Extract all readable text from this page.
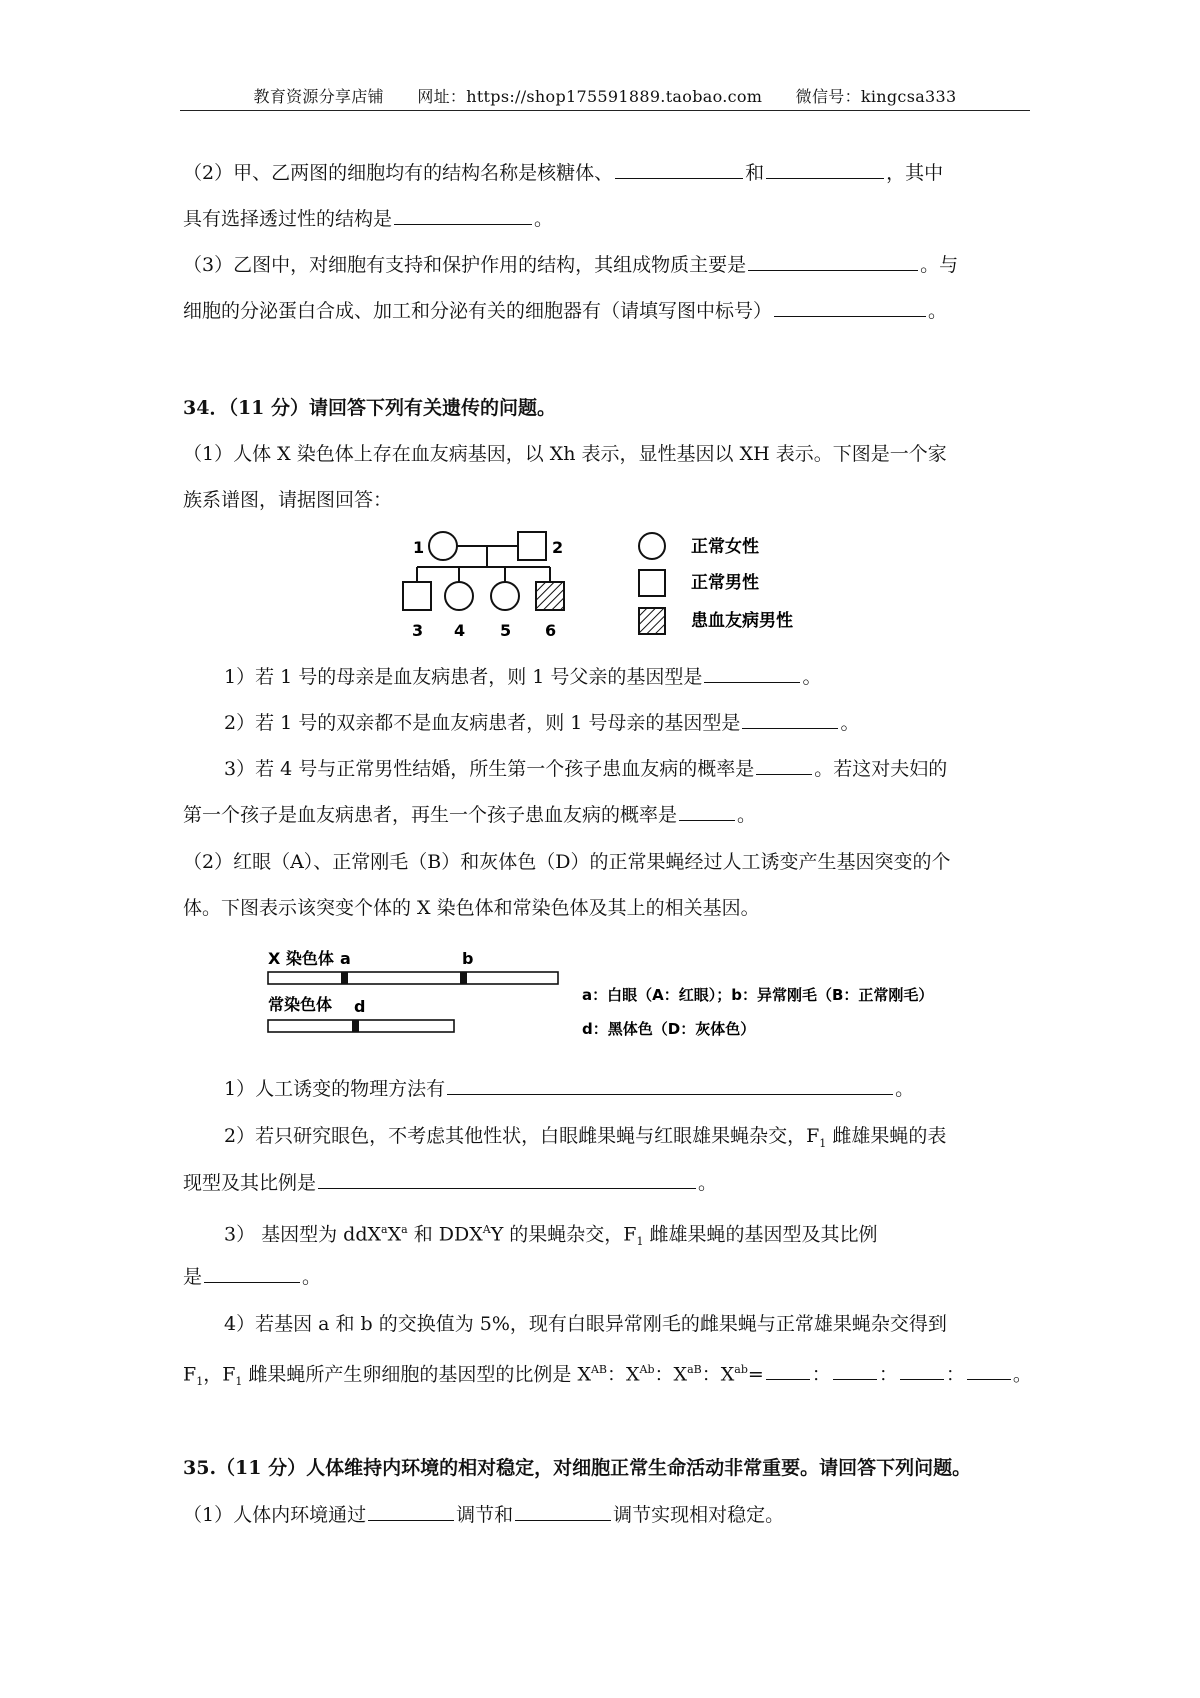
教育资源分享店铺 网址：https://shop175591889.taobao.com 微信号：kingcsa333
（2）甲、乙两图的细胞均有的结构名称是核糖体、	和	，其中
具有选择透过性的结构是	。
（3）乙图中，对细胞有支持和保护作用的结构，其组成物质主要是	。与
细胞的分泌蛋白合成、加工和分泌有关的细胞器有（请填写图中标号）	。
34．（11 分）请回答下列有关遗传的问题。
（1）人体 X 染色体上存在血友病基因，以 Xh 表示，显性基因以 XH 表示。下图是一个家
族系谱图，请据图回答：
1	2
3 4 5 6
正常女性
正常男性
患血友病男性
1）若 1 号的母亲是血友病患者，则 1 号父亲的基因型是	。
2）若 1 号的双亲都不是血友病患者，则 1 号母亲的基因型是	。
3）若 4 号与正常男性结婚，所生第一个孩子患血友病的概率是	。若这对夫妇的
第一个孩子是血友病患者，再生一个孩子患血友病的概率是	。
（2）红眼（A）、正常刚毛（B）和灰体色（D）的正常果蝇经过人工诱变产生基因突变的个
体。下图表示该突变个体的 X 染色体和常染色体及其上的相关基因。
X 染色体 a	b
常染色体 d
a：白眼（A：红眼）；b：异常刚毛（B：正常刚毛）
d：黑体色（D：灰体色）
1）人工诱变的物理方法有	。
2）若只研究眼色，不考虑其他性状，白眼雌果蝇与红眼雄果蝇杂交，$F_1$ 雌雄果蝇的表
现型及其比例是	。
3） 基因型为 $ddX^aX^a$ 和 $DDX^AY$ 的果蝇杂交，$F_1$ 雌雄果蝇的基因型及其比例
是	。
4）若基因 a 和 b 的交换值为 5%，现有白眼异常刚毛的雌果蝇与正常雄果蝇杂交得到
$F_1$，$F_1$ 雌果蝇所产生卵细胞的基因型的比例是 $X^{AB}$：$X^{Ab}$：$X^{aB}$：$X^{ab}=$	：	：	：	。
35.（11 分）人体维持内环境的相对稳定，对细胞正常生命活动非常重要。请回答下列问题。
（1）人体内环境通过	调节和	调节实现相对稳定。
